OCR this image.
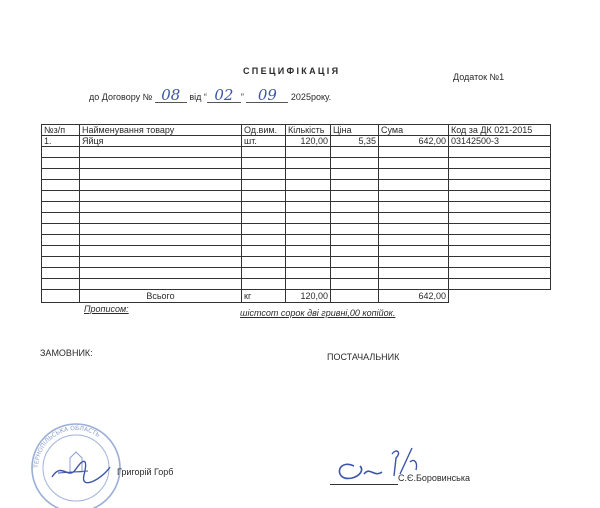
СПЕЦИФІКАЦІЯ
Додаток №1
до Договору № 08 від “ 02 ” 09 2025року.
№з/п	Найменування товару	Од.вим.	Кількість	Ціна	Сума	Код за ДК 021-2015
1.	Яйця	шт.	120,00	5,35	642,00	03142500-3

	Всього	кг	120,00		642,00	
Прописом:	шістсот сорок дві гривні,00 копійок.
ЗАМОВНИК:	ПОСТАЧАЛЬНИК
ТЕРНОПІЛЬСЬКА ОБЛАСТЬ
Григорій Горб
С.Є.Боровинська
